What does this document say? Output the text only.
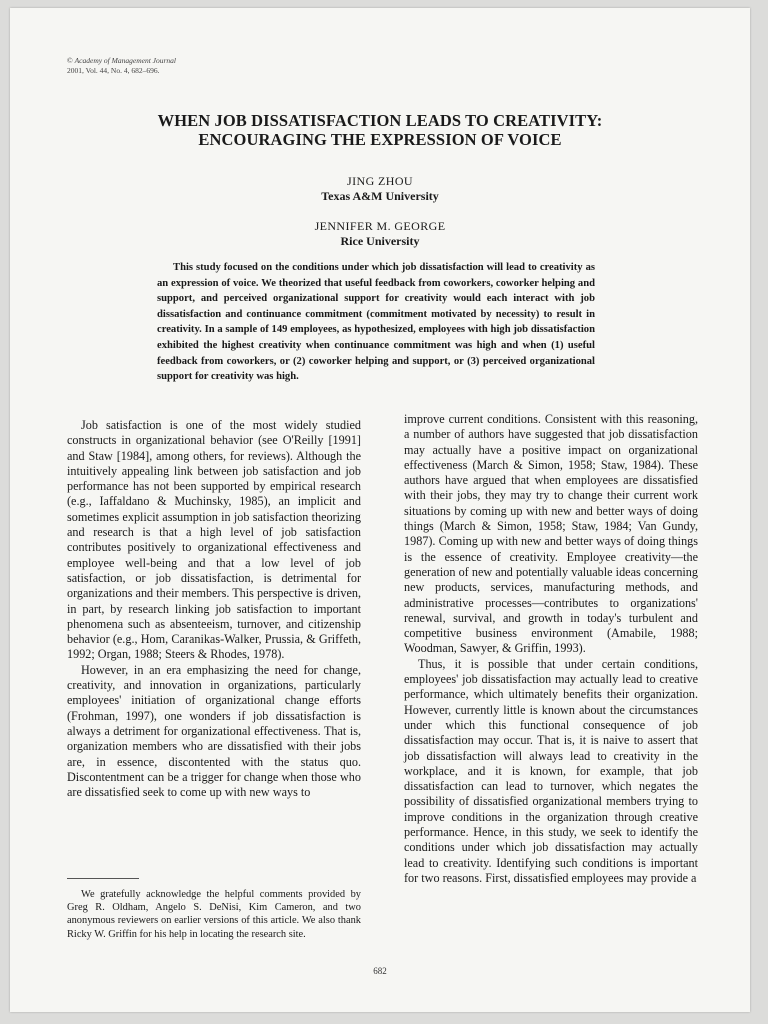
© Academy of Management Journal
2001, Vol. 44, No. 4, 682–696.
WHEN JOB DISSATISFACTION LEADS TO CREATIVITY:
ENCOURAGING THE EXPRESSION OF VOICE
JING ZHOU
Texas A&M University
JENNIFER M. GEORGE
Rice University
This study focused on the conditions under which job dissatisfaction will lead to creativity as an expression of voice. We theorized that useful feedback from coworkers, coworker helping and support, and perceived organizational support for creativity would each interact with job dissatisfaction and continuance commitment (commitment motivated by necessity) to result in creativity. In a sample of 149 employees, as hypothesized, employees with high job dissatisfaction exhibited the highest creativity when continuance commitment was high and when (1) useful feedback from coworkers, or (2) coworker helping and support, or (3) perceived organizational support for creativity was high.

Job satisfaction is one of the most widely studied constructs in organizational behavior (see O'Reilly [1991] and Staw [1984], among others, for reviews). Although the intuitively appealing link between job satisfaction and job performance has not been supported by empirical research (e.g., Iaffaldano & Muchinsky, 1985), an implicit and sometimes explicit assumption in job satisfaction theorizing and research is that a high level of job satisfaction contributes positively to organizational effectiveness and employee well-being and that a low level of job satisfaction, or job dissatisfaction, is detrimental for organizations and their members. This perspective is driven, in part, by research linking job satisfaction to important phenomena such as absenteeism, turnover, and citizenship behavior (e.g., Hom, Caranikas-Walker, Prussia, & Griffeth, 1992; Organ, 1988; Steers & Rhodes, 1978).

However, in an era emphasizing the need for change, creativity, and innovation in organizations, particularly employees' initiation of organizational change efforts (Frohman, 1997), one wonders if job dissatisfaction is always a detriment for organizational effectiveness. That is, organization members who are dissatisfied with their jobs are, in essence, discontented with the status quo. Discontentment can be a trigger for change when those who are dissatisfied seek to come up with new ways to

improve current conditions. Consistent with this reasoning, a number of authors have suggested that job dissatisfaction may actually have a positive impact on organizational effectiveness (March & Simon, 1958; Staw, 1984). These authors have argued that when employees are dissatisfied with their jobs, they may try to change their current work situations by coming up with new and better ways of doing things (March & Simon, 1958; Staw, 1984; Van Gundy, 1987). Coming up with new and better ways of doing things is the essence of creativity. Employee creativity—the generation of new and potentially valuable ideas concerning new products, services, manufacturing methods, and administrative processes—contributes to organizations' renewal, survival, and growth in today's turbulent and competitive business environment (Amabile, 1988; Woodman, Sawyer, & Griffin, 1993).

Thus, it is possible that under certain conditions, employees' job dissatisfaction may actually lead to creative performance, which ultimately benefits their organization. However, currently little is known about the circumstances under which this functional consequence of job dissatisfaction may occur. That is, it is naive to assert that job dissatisfaction will always lead to creativity in the workplace, and it is known, for example, that job dissatisfaction can lead to turnover, which negates the possibility of dissatisfied organizational members trying to improve conditions in the organization through creative performance. Hence, in this study, we seek to identify the conditions under which job dissatisfaction may actually lead to creativity. Identifying such conditions is important for two reasons. First, dissatisfied employees may provide a

We gratefully acknowledge the helpful comments provided by Greg R. Oldham, Angelo S. DeNisi, Kim Cameron, and two anonymous reviewers on earlier versions of this article. We also thank Ricky W. Griffin for his help in locating the research site.
682
